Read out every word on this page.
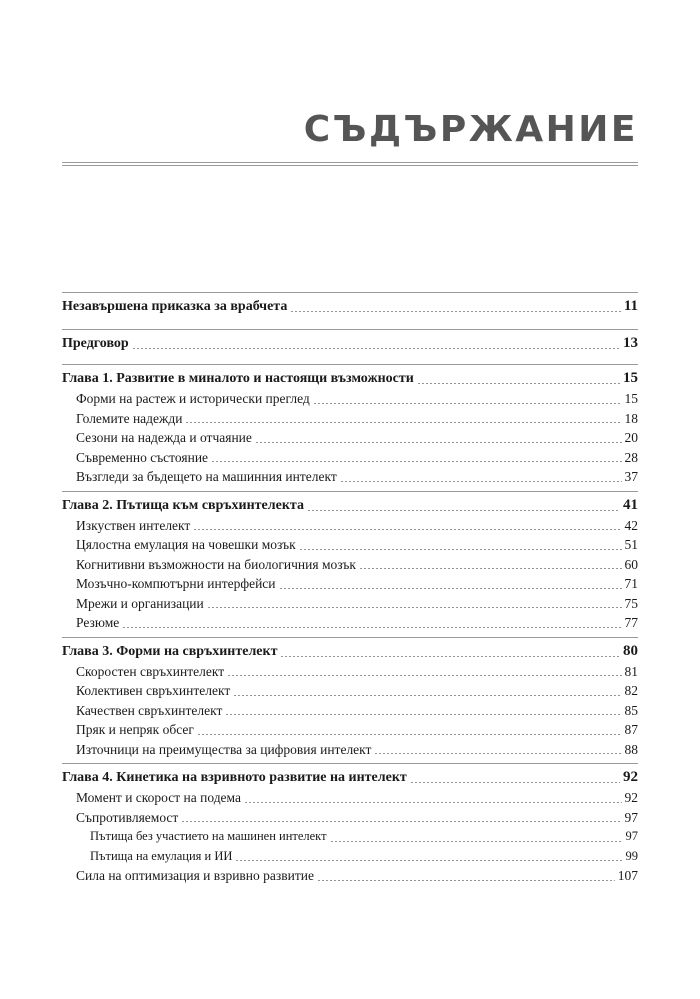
СЪДЪРЖАНИЕ
Незавършена приказка за врабчета	11
Предговор	13
Глава 1. Развитие в миналото и настоящи възможности	15
Форми на растеж и исторически преглед	15
Големите надежди	18
Сезони на надежда и отчаяние	20
Съвременно състояние	28
Възгледи за бъдещето на машинния интелект	37
Глава 2. Пътища към свръхинтелекта	41
Изкуствен интелект	42
Цялостна емулация на човешки мозък	51
Когнитивни възможности на биологичния мозък	60
Мозъчно-компютърни интерфейси	71
Мрежи и организации	75
Резюме	77
Глава 3. Форми на свръхинтелект	80
Скоростен свръхинтелект	81
Колективен свръхинтелект	82
Качествен свръхинтелект	85
Пряк и непряк обсег	87
Източници на преимущества за цифровия интелект	88
Глава 4. Кинетика на взривното развитие на интелект	92
Момент и скорост на подема	92
Съпротивляемост	97
Пътища без участието на машинен интелект	97
Пътища на емулация и ИИ	99
Сила на оптимизация и взривно развитие	107
